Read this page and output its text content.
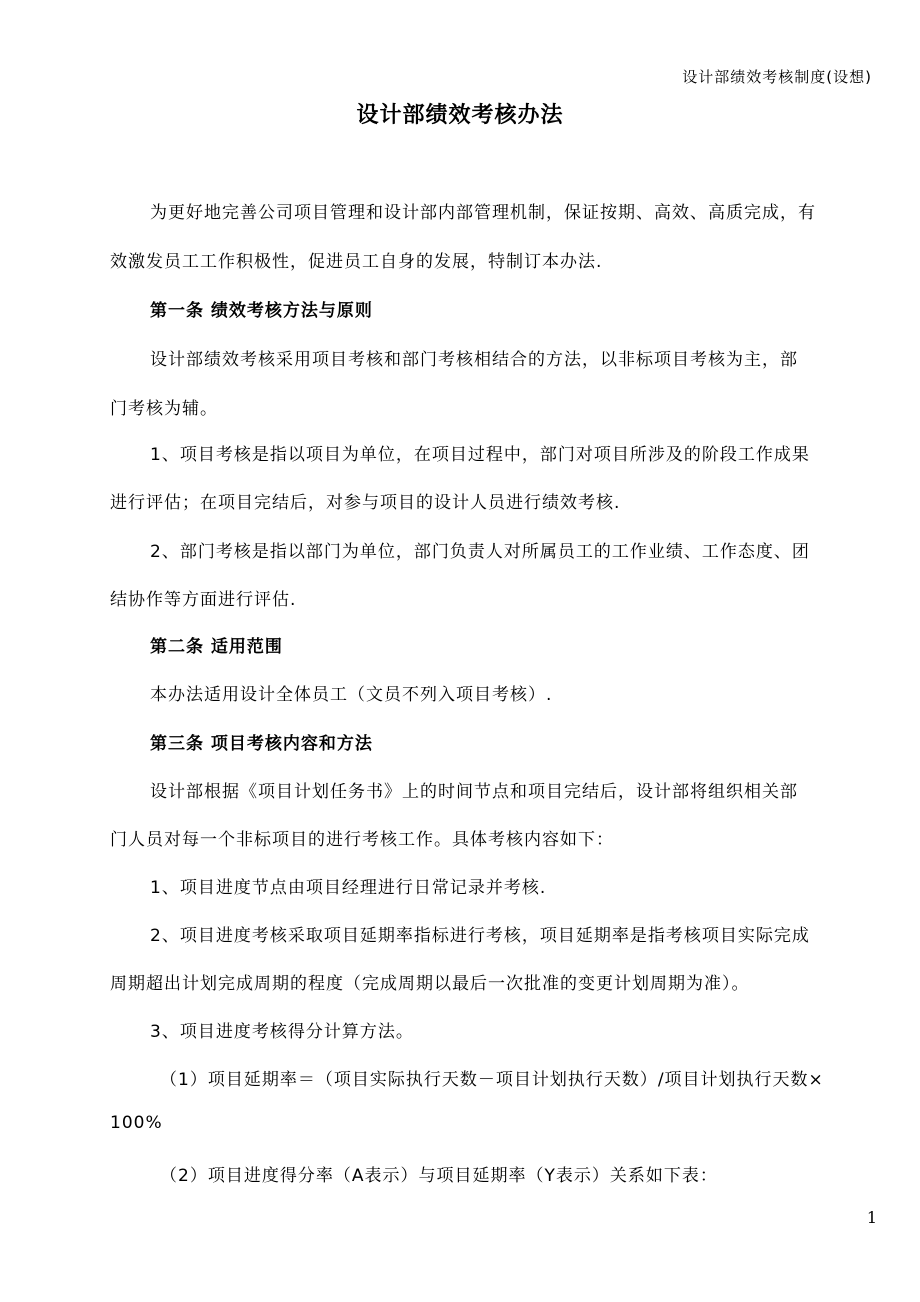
设计部绩效考核制度(设想)
设计部绩效考核办法
为更好地完善公司项目管理和设计部内部管理机制，保证按期、高效、高质完成，有
效激发员工工作积极性，促进员工自身的发展，特制订本办法.
第一条 绩效考核方法与原则
设计部绩效考核采用项目考核和部门考核相结合的方法，以非标项目考核为主，部
门考核为辅。
1、项目考核是指以项目为单位，在项目过程中，部门对项目所涉及的阶段工作成果
进行评估；在项目完结后，对参与项目的设计人员进行绩效考核.
2、部门考核是指以部门为单位，部门负责人对所属员工的工作业绩、工作态度、团
结协作等方面进行评估.
第二条 适用范围
本办法适用设计全体员工（文员不列入项目考核）.
第三条 项目考核内容和方法
设计部根据《项目计划任务书》上的时间节点和项目完结后，设计部将组织相关部
门人员对每一个非标项目的进行考核工作。具体考核内容如下：
1、项目进度节点由项目经理进行日常记录并考核.
2、项目进度考核采取项目延期率指标进行考核，项目延期率是指考核项目实际完成
周期超出计划完成周期的程度（完成周期以最后一次批准的变更计划周期为准）。
3、项目进度考核得分计算方法。
（1）项目延期率＝（项目实际执行天数－项目计划执行天数）/项目计划执行天数×
100%
（2）项目进度得分率（A表示）与项目延期率（Y表示）关系如下表：
1
